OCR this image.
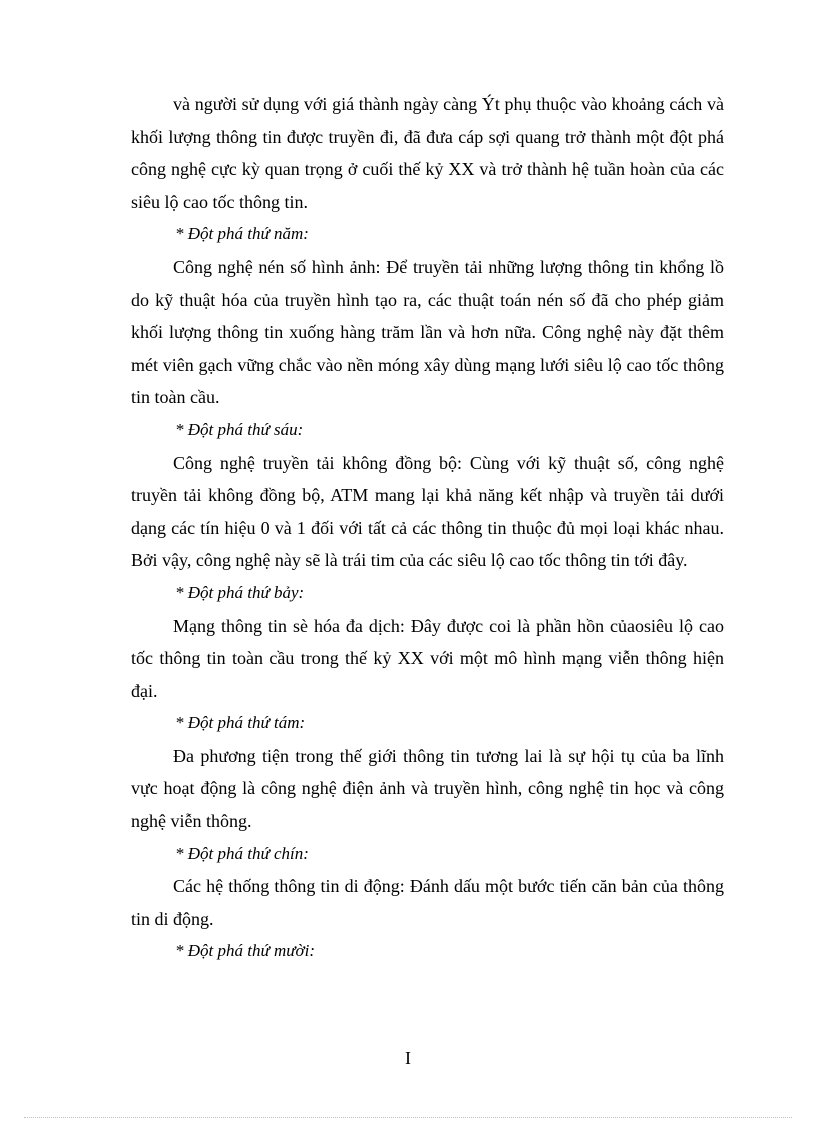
và người sử dụng với giá thành ngày càng Ýt phụ thuộc vào khoảng cách và khối lượng thông tin được truyền đi, đã đưa cáp sợi quang trở thành một đột phá công nghệ cực kỳ quan trọng ở cuối thế kỷ XX và trở thành hệ tuần hoàn của các siêu lộ cao tốc thông tin.

* Đột phá thứ năm:

Công nghệ nén số hình ảnh: Để truyền tải những lượng thông tin khổng lồ do kỹ thuật hóa của truyền hình tạo ra, các thuật toán nén số đã cho phép giảm khối lượng thông tin xuống hàng trăm lần và hơn nữa. Công nghệ này đặt thêm mét viên gạch vững chắc vào nền móng xây dùng mạng lưới siêu lộ cao tốc thông tin toàn cầu.

* Đột phá thứ sáu:

Công nghệ truyền tải không đồng bộ: Cùng với kỹ thuật số, công nghệ truyền tải không đồng bộ, ATM mang lại khả năng kết nhập và truyền tải dưới dạng các tín hiệu 0 và 1 đối với tất cả các thông tin thuộc đủ mọi loại khác nhau. Bởi vậy, công nghệ này sẽ là trái tim của các siêu lộ cao tốc thông tin tới đây.

* Đột phá thứ bảy:

Mạng thông tin sè hóa đa dịch: Đây được coi là phần hồn củaosiêu lộ cao tốc thông tin toàn cầu trong thế kỷ XX với một mô hình mạng viễn thông hiện đại.

* Đột phá thứ tám:

Đa phương tiện trong thế giới thông tin tương lai là sự hội tụ của ba lĩnh vực hoạt động là công nghệ điện ảnh và truyền hình, công nghệ tin học và công nghệ viễn thông.

* Đột phá thứ chín:

Các hệ thống thông tin di động: Đánh dấu một bước tiến căn bản của thông tin di động.

* Đột phá thứ mười:

I
